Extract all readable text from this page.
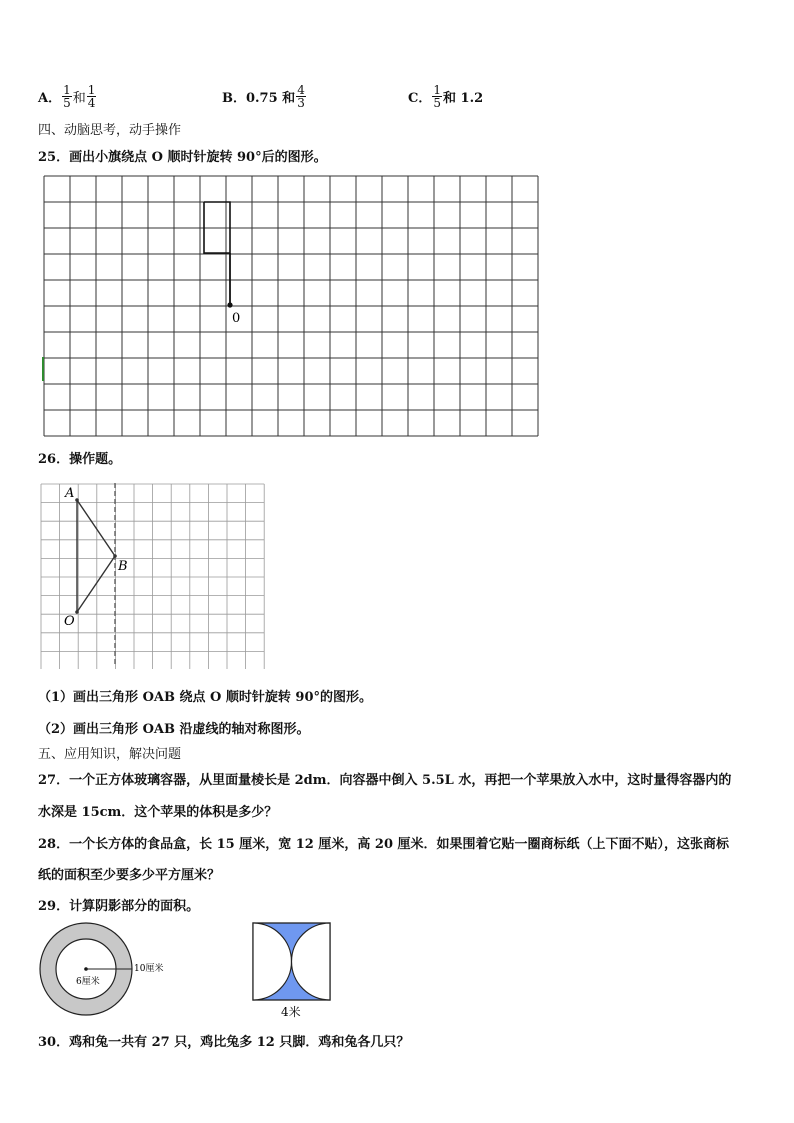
A． $\frac{1}{5}$ 和 $\frac{1}{4}$	B．0.75 和 $\frac{4}{3}$	C． $\frac{1}{5}$ 和 1.2
四、动脑思考，动手操作
25．画出小旗绕点 O 顺时针旋转 90°后的图形。
0
26．操作题。
A
B
O
（1）画出三角形 OAB 绕点 O 顺时针旋转 90°的图形。
（2）画出三角形 OAB 沿虚线的轴对称图形。
五、应用知识，解决问题
27．一个正方体玻璃容器，从里面量棱长是 2dm．向容器中倒入 5.5L 水，再把一个苹果放入水中，这时量得容器内的
水深是 15cm．这个苹果的体积是多少？
28．一个长方体的食品盒，长 15 厘米，宽 12 厘米，高 20 厘米．如果围着它贴一圈商标纸（上下面不贴），这张商标
纸的面积至少要多少平方厘米？
29．计算阴影部分的面积。
10厘米
6厘米
4米
30．鸡和兔一共有 27 只，鸡比兔多 12 只脚．鸡和兔各几只？
